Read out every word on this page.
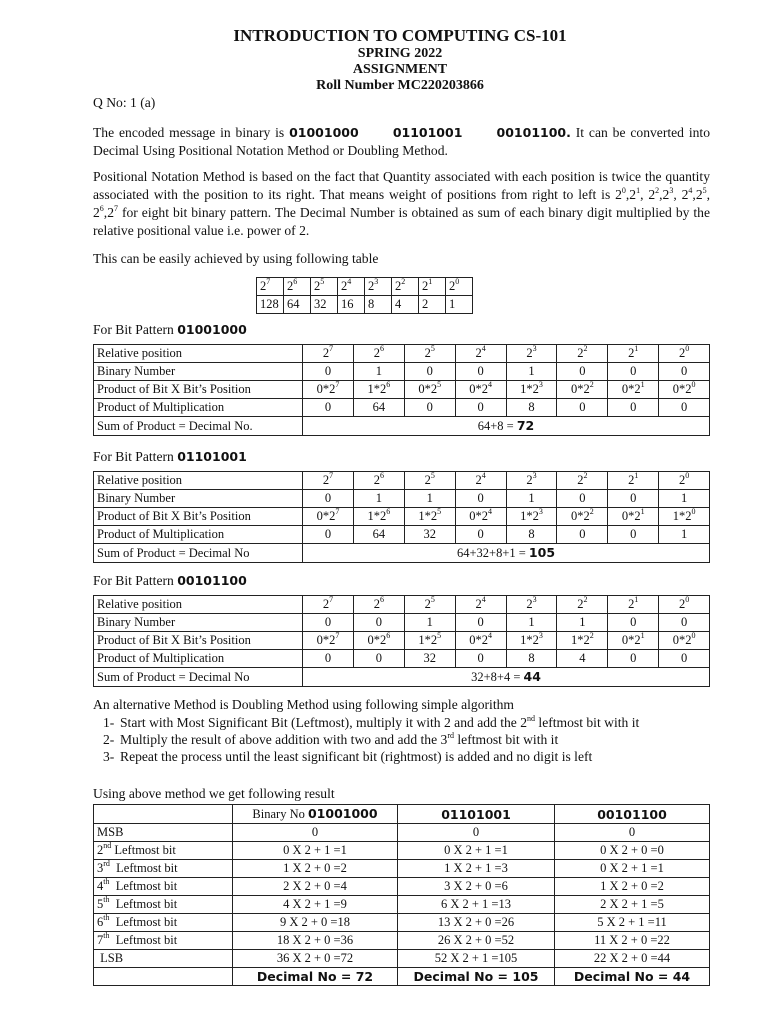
INTRODUCTION TO COMPUTING CS-101
SPRING 2022
ASSIGNMENT
Roll Number MC220203866
Q No: 1 (a)
The encoded message in binary is 01001000	01101001	00101100. It can be converted into Decimal Using Positional Notation Method or Doubling Method.
Positional Notation Method is based on the fact that Quantity associated with each position is twice the quantity associated with the position to its right. That means weight of positions from right to left is $2^0,2^1$, $2^2,2^3$, $2^4,2^5$, $2^6,2^7$ for eight bit binary pattern. The Decimal Number is obtained as sum of each binary digit multiplied by the relative positional value i.e. power of 2.
This can be easily achieved by using following table
$2^7$	$2^6$	$2^5$	$2^4$	$2^3$	$2^2$	$2^1$	$2^0$
128	64	32	16	8	4	2	1
For Bit Pattern 01001000
Relative position	$2^7$	$2^6$	$2^5$	$2^4$	$2^3$	$2^2$	$2^1$	$2^0$
Binary Number	0	1	0	0	1	0	0	0
Product of Bit X Bit’s Position	$0*2^7$	$1*2^6$	$0*2^5$	$0*2^4$	$1*2^3$	$0*2^2$	$0*2^1$	$0*2^0$
Product of Multiplication	0	64	0	0	8	0	0	0
Sum of Product = Decimal No.	64+8 = 72							
For Bit Pattern 01101001
Relative position	$2^7$	$2^6$	$2^5$	$2^4$	$2^3$	$2^2$	$2^1$	$2^0$
Binary Number	0	1	1	0	1	0	0	1
Product of Bit X Bit’s Position	$0*2^7$	$1*2^6$	$1*2^5$	$0*2^4$	$1*2^3$	$0*2^2$	$0*2^1$	$1*2^0$
Product of Multiplication	0	64	32	0	8	0	0	1
Sum of Product = Decimal No	64+32+8+1 = 105							
For Bit Pattern 00101100
Relative position	$2^7$	$2^6$	$2^5$	$2^4$	$2^3$	$2^2$	$2^1$	$2^0$
Binary Number	0	0	1	0	1	1	0	0
Product of Bit X Bit’s Position	$0*2^7$	$0*2^6$	$1*2^5$	$0*2^4$	$1*2^3$	$1*2^2$	$0*2^1$	$0*2^0$
Product of Multiplication	0	0	32	0	8	4	0	0
Sum of Product = Decimal No	32+8+4 = 44							
An alternative Method is Doubling Method using following simple algorithm
1- Start with Most Significant Bit (Leftmost), multiply it with 2 and add the 2nd leftmost bit with it
2- Multiply the result of above addition with two and add the 3rd leftmost bit with it
3- Repeat the process until the least significant bit (rightmost) is added and no digit is left
Using above method we get following result
	Binary No 01001000	01101001	00101100
MSB	0	0	0
2nd Leftmost bit	0 X 2 + 1 =1	0 X 2 + 1 =1	0 X 2 + 0 =0
3rd  Leftmost bit	1 X 2 + 0 =2	1 X 2 + 1 =3	0 X 2 + 1 =1
4th  Leftmost bit	2 X 2 + 0 =4	3 X 2 + 0 =6	1 X 2 + 0 =2
5th  Leftmost bit	4 X 2 + 1 =9	6 X 2 + 1 =13	2 X 2 + 1 =5
6th  Leftmost bit	9 X 2 + 0 =18	13 X 2 + 0 =26	5 X 2 + 1 =11
7th  Leftmost bit	18 X 2 + 0 =36	26 X 2 + 0 =52	11 X 2 + 0 =22
LSB	36 X 2 + 0 =72	52 X 2 + 1 =105	22 X 2 + 0 =44
	Decimal No = 72	Decimal No = 105	Decimal No = 44
